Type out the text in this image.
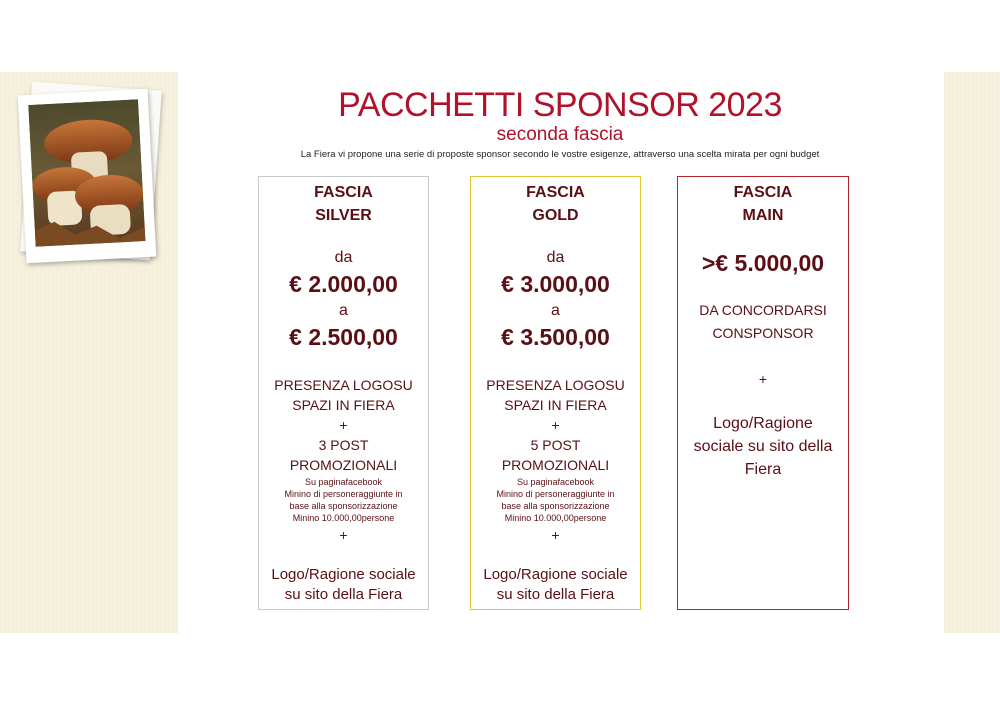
PACCHETTI SPONSOR 2023
seconda fascia
La Fiera vi propone una serie di proposte sponsor secondo le vostre esigenze, attraverso una scelta mirata per ogni budget
FASCIA
SILVER
da
€ 2.000,00
a
€ 2.500,00
PRESENZA LOGOSU
SPAZI IN FIERA
+
3 POST
PROMOZIONALI
Su paginafacebook
Minino di personeraggiunte in
base alla sponsorizzazione
Minino 10.000,00persone
+
Logo/Ragione sociale
su sito della Fiera
FASCIA
GOLD
da
€ 3.000,00
a
€ 3.500,00
PRESENZA LOGOSU
SPAZI IN FIERA
+
5 POST
PROMOZIONALI
Su paginafacebook
Minino di personeraggiunte in
base alla sponsorizzazione
Minino 10.000,00persone
+
Logo/Ragione sociale
su sito della Fiera
FASCIA
MAIN
>€ 5.000,00
DA CONCORDARSI
CONSPONSOR
+
Logo/Ragione
sociale su sito della
Fiera
